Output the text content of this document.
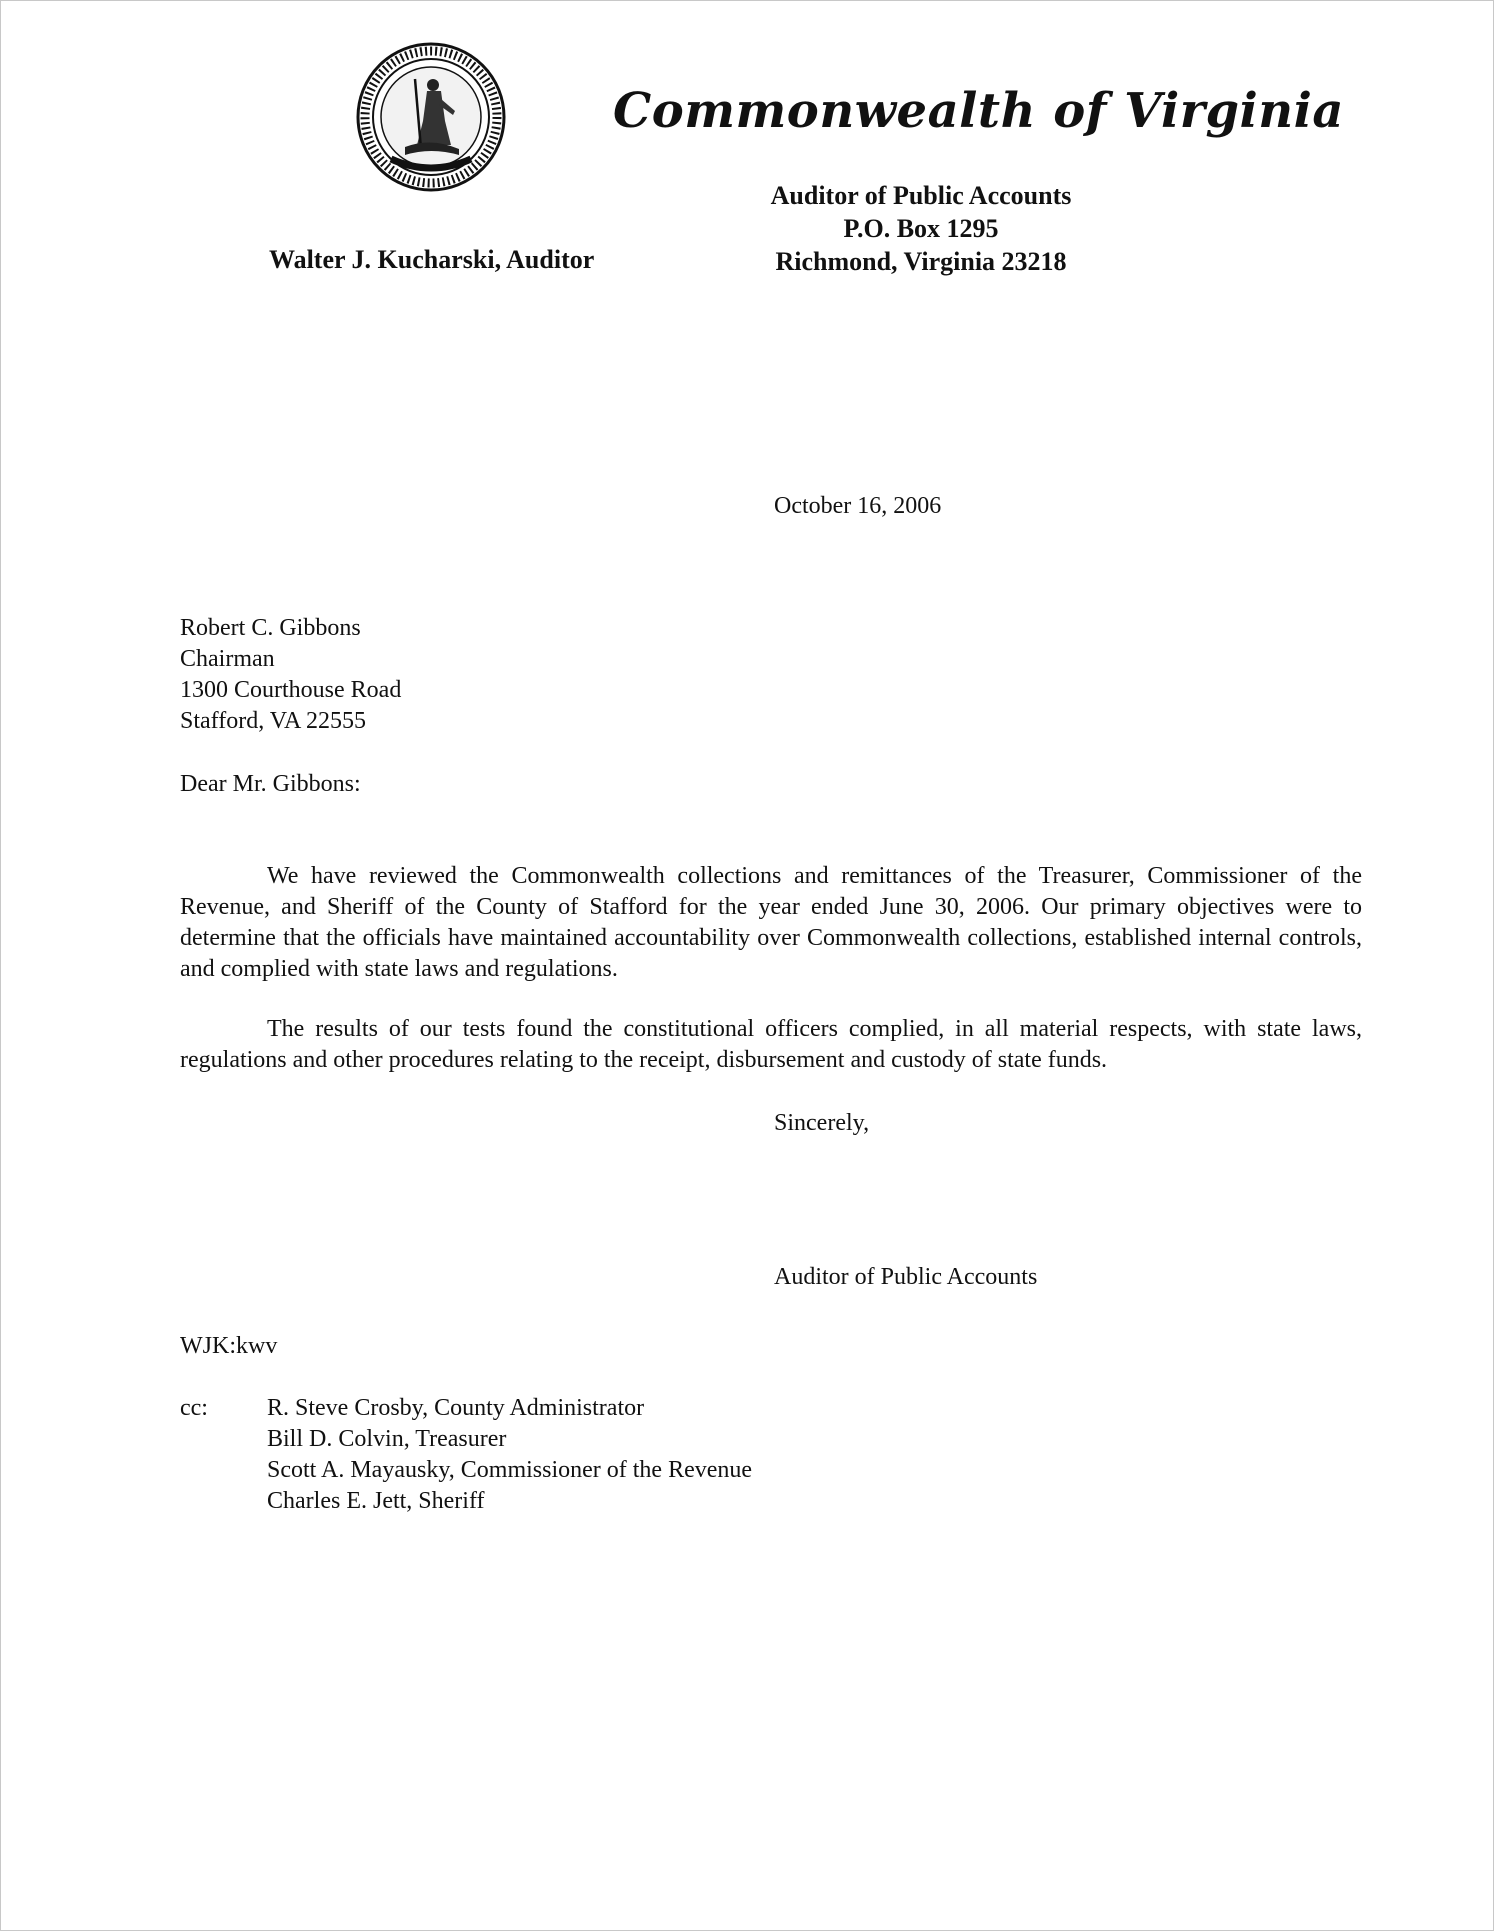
Commonwealth of Virginia
Auditor of Public Accounts
P.O. Box 1295
Richmond, Virginia 23218
Walter J. Kucharski, Auditor
October 16, 2006
Robert C. Gibbons
Chairman
1300 Courthouse Road
Stafford, VA 22555
Dear Mr. Gibbons:

We have reviewed the Commonwealth collections and remittances of the Treasurer, Commissioner of the Revenue, and Sheriff of the County of Stafford for the year ended June 30, 2006. Our primary objectives were to determine that the officials have maintained accountability over Commonwealth collections, established internal controls, and complied with state laws and regulations.

The results of our tests found the constitutional officers complied, in all material respects, with state laws, regulations and other procedures relating to the receipt, disbursement and custody of state funds.

Sincerely,
Auditor of Public Accounts
WJK:kwv
cc: R. Steve Crosby, County Administrator
Bill D. Colvin, Treasurer
Scott A. Mayausky, Commissioner of the Revenue
Charles E. Jett, Sheriff
